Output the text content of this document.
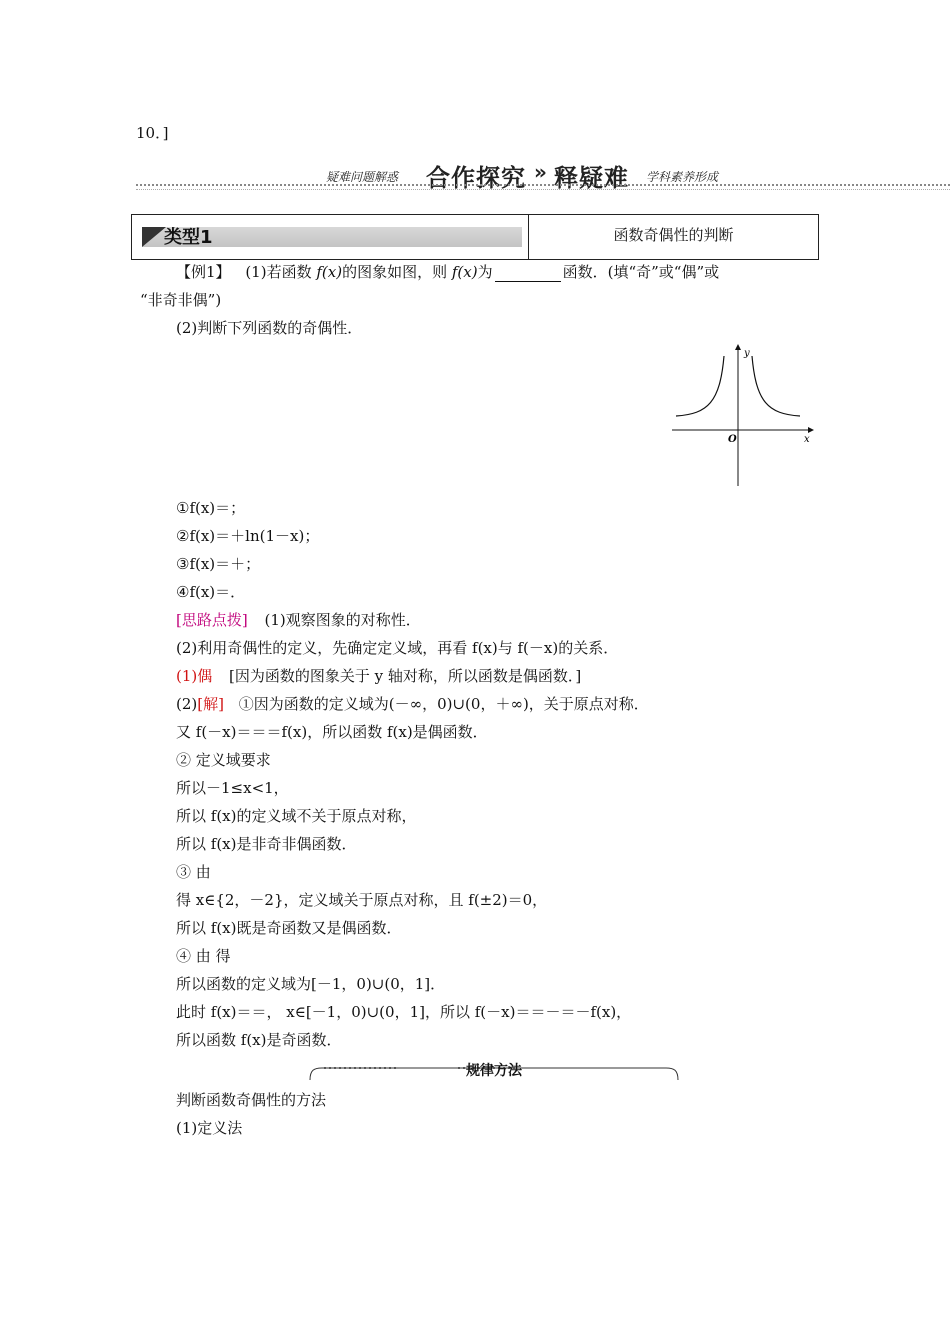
10．]
疑难问题解惑 合作探究 » 释疑难 学科素养形成
类型1	函数奇偶性的判断
【例1】 (1)若函数 f(x)的图象如图，则 f(x)为	函数．(填“奇”或“偶”或
“非奇非偶”)
(2)判断下列函数的奇偶性．
x
y
O
①f(x)＝；
②f(x)＝＋ln(1－x)；
③f(x)＝＋；
④f(x)＝．
[思路点拨] (1)观察图象的对称性．
(2)利用奇偶性的定义，先确定定义域，再看 f(x)与 f(－x)的关系．
(1)偶 [因为函数的图象关于 y 轴对称，所以函数是偶函数．]
(2)[解] ①因为函数的定义域为(－∞，0)∪(0，＋∞)，关于原点对称．
又 f(－x)＝＝＝f(x)，所以函数 f(x)是偶函数．
② 定义域要求
所以－1≤x<1，
所以 f(x)的定义域不关于原点对称，
所以 f(x)是非奇非偶函数．
③ 由
得 x∈{2，－2}，定义域关于原点对称，且 f(±2)＝0，
所以 f(x)既是奇函数又是偶函数．
④ 由 得
所以函数的定义域为[－1，0)∪(0，1]．
此时 f(x)＝＝， x∈[－1，0)∪(0，1]，所以 f(－x)＝＝－＝－f(x)，
所以函数 f(x)是奇函数．
规律方法
判断函数奇偶性的方法
(1)定义法
